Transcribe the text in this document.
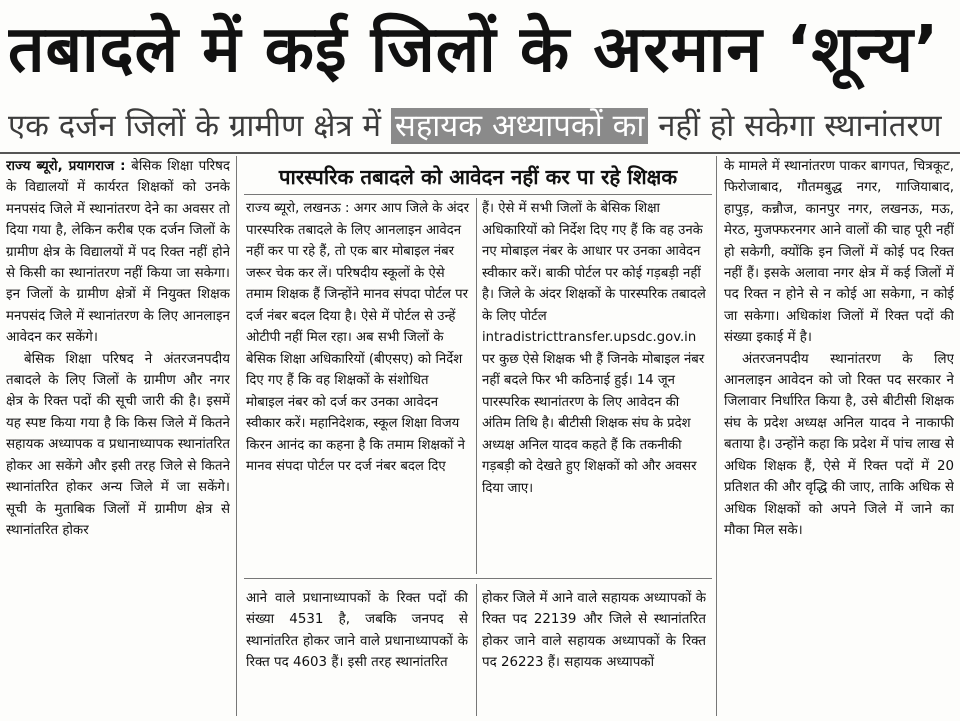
तबादले में कई जिलों के अरमान ‘शून्य’
एक दर्जन जिलों के ग्रामीण क्षेत्र में सहायक अध्यापकों का नहीं हो सकेगा स्थानांतरण

राज्य ब्यूरो, प्रयागराज : बेसिक शिक्षा परिषद के विद्यालयों में कार्यरत शिक्षकों को उनके मनपसंद जिले में स्थानांतरण देने का अवसर तो दिया गया है, लेकिन करीब एक दर्जन जिलों के ग्रामीण क्षेत्र के विद्यालयों में पद रिक्त नहीं होने से किसी का स्थानांतरण नहीं किया जा सकेगा। इन जिलों के ग्रामीण क्षेत्रों में नियुक्त शिक्षक मनपसंद जिले में स्थानांतरण के लिए आनलाइन आवेदन कर सकेंगे।

बेसिक शिक्षा परिषद ने अंतरजनपदीय तबादले के लिए जिलों के ग्रामीण और नगर क्षेत्र के रिक्त पदों की सूची जारी की है। इसमें यह स्पष्ट किया गया है कि किस जिले में कितने सहायक अध्यापक व प्रधानाध्यापक स्थानांतरित होकर आ सकेंगे और इसी तरह जिले से कितने स्थानांतरित होकर अन्य जिले में जा सकेंगे। सूची के मुताबिक जिलों में ग्रामीण क्षेत्र से स्थानांतरित होकर

पारस्परिक तबादले को आवेदन नहीं कर पा रहे शिक्षक
राज्य ब्यूरो, लखनऊ : अगर आप जिले के अंदर पारस्परिक तबादले के लिए आनलाइन आवेदन नहीं कर पा रहे हैं, तो एक बार मोबाइल नंबर जरूर चेक कर लें। परिषदीय स्कूलों के ऐसे तमाम शिक्षक हैं जिन्होंने मानव संपदा पोर्टल पर दर्ज नंबर बदल दिया है। ऐसे में पोर्टल से उन्हें ओटीपी नहीं मिल रहा। अब सभी जिलों के बेसिक शिक्षा अधिकारियों (बीएसए) को निर्देश दिए गए हैं कि वह शिक्षकों के संशोधित मोबाइल नंबर को दर्ज कर उनका आवेदन स्वीकार करें। महानिदेशक, स्कूल शिक्षा विजय किरन आनंद का कहना है कि तमाम शिक्षकों ने मानव संपदा पोर्टल पर दर्ज नंबर बदल दिए
हैं। ऐसे में सभी जिलों के बेसिक शिक्षा अधिकारियों को निर्देश दिए गए हैं कि वह उनके नए मोबाइल नंबर के आधार पर उनका आवेदन स्वीकार करें। बाकी पोर्टल पर कोई गड़बड़ी नहीं है। जिले के अंदर शिक्षकों के पारस्परिक तबादले के लिए पोर्टल intradistricttransfer.upsdc.gov.in पर कुछ ऐसे शिक्षक भी हैं जिनके मोबाइल नंबर नहीं बदले फिर भी कठिनाई हुई। 14 जून पारस्परिक स्थानांतरण के लिए आवेदन की अंतिम तिथि है। बीटीसी शिक्षक संघ के प्रदेश अध्यक्ष अनिल यादव कहते हैं कि तकनीकी गड़बड़ी को देखते हुए शिक्षकों को और अवसर दिया जाए।
आने वाले प्रधानाध्यापकों के रिक्त पदों की संख्या 4531 है, जबकि जनपद से स्थानांतरित होकर जाने वाले प्रधानाध्यापकों के रिक्त पद 4603 हैं। इसी तरह स्थानांतरित
होकर जिले में आने वाले सहायक अध्यापकों के रिक्त पद 22139 और जिले से स्थानांतरित होकर जाने वाले सहायक अध्यापकों के रिक्त पद 26223 हैं। सहायक अध्यापकों

के मामले में स्थानांतरण पाकर बागपत, चित्रकूट, फिरोजाबाद, गौतमबुद्ध नगर, गाजियाबाद, हापुड़, कन्नौज, कानपुर नगर, लखनऊ, मऊ, मेरठ, मुजफ्फरनगर आने वालों की चाह पूरी नहीं हो सकेगी, क्योंकि इन जिलों में कोई पद रिक्त नहीं हैं। इसके अलावा नगर क्षेत्र में कई जिलों में पद रिक्त न होने से न कोई आ सकेगा, न कोई जा सकेगा। अधिकांश जिलों में रिक्त पदों की संख्या इकाई में है।

अंतरजनपदीय स्थानांतरण के लिए आनलाइन आवेदन को जो रिक्त पद सरकार ने जिलावार निर्धारित किया है, उसे बीटीसी शिक्षक संघ के प्रदेश अध्यक्ष अनिल यादव ने नाकाफी बताया है। उन्होंने कहा कि प्रदेश में पांच लाख से अधिक शिक्षक हैं, ऐसे में रिक्त पदों में 20 प्रतिशत की और वृद्धि की जाए, ताकि अधिक से अधिक शिक्षकों को अपने जिले में जाने का मौका मिल सके।
